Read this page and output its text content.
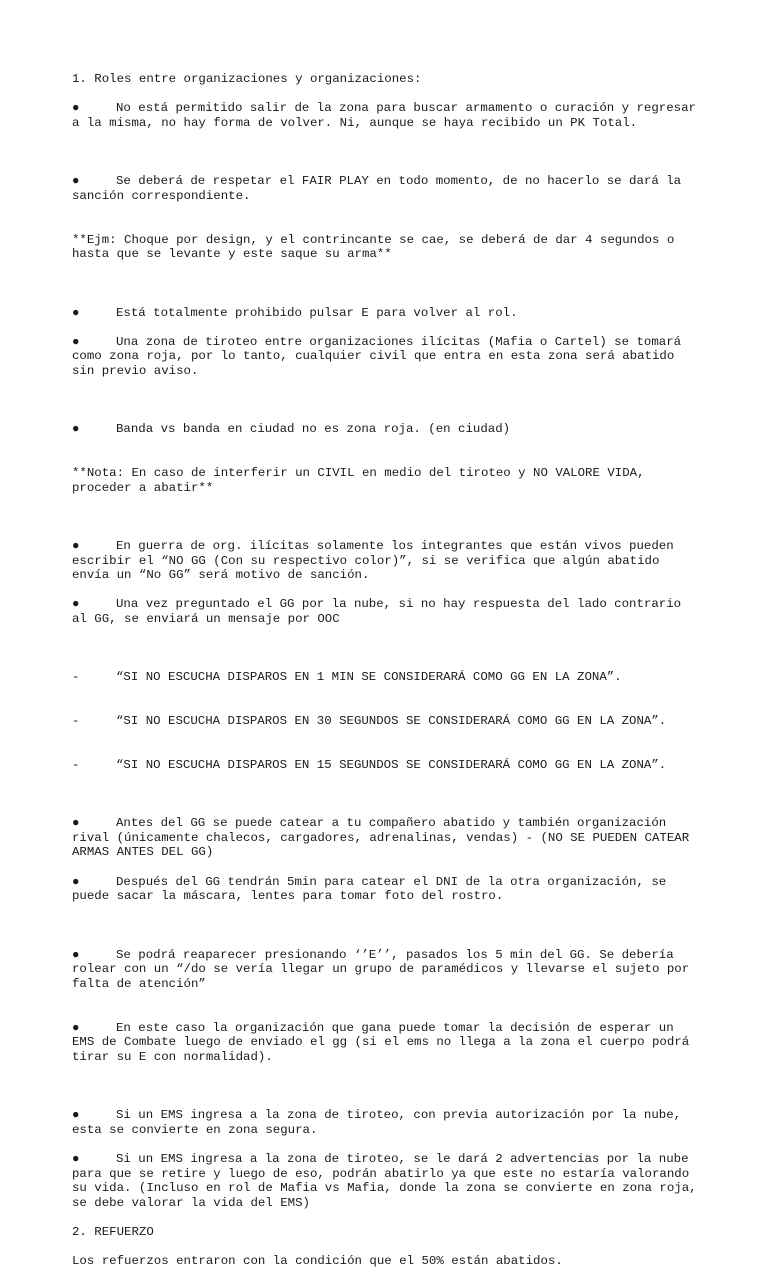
1. Roles entre organizaciones y organizaciones:

●	No está permitido salir de la zona para buscar armamento o curación y regresar a la misma, no hay forma de volver. Ni, aunque se haya recibido un PK Total.

●	Se deberá de respetar el FAIR PLAY en todo momento, de no hacerlo se dará la sanción correspondiente.

**Ejm: Choque por design, y el contrincante se cae, se deberá de dar 4 segundos o hasta que se levante y este saque su arma**

●	Está totalmente prohibido pulsar E para volver al rol.

●	Una zona de tiroteo entre organizaciones ilícitas (Mafia o Cartel) se tomará como zona roja, por lo tanto, cualquier civil que entra en esta zona será abatido sin previo aviso.

●	Banda vs banda en ciudad no es zona roja. (en ciudad)

**Nota: En caso de interferir un CIVIL en medio del tiroteo y NO VALORE VIDA, proceder a abatir**

●	En guerra de org. ilícitas solamente los integrantes que están vivos pueden escribir el “NO GG (Con su respectivo color)”, si se verifica que algún abatido envía un “No GG” será motivo de sanción.

●	Una vez preguntado el GG por la nube, si no hay respuesta del lado contrario al GG, se enviará un mensaje por OOC

-	“SI NO ESCUCHA DISPAROS EN 1 MIN SE CONSIDERARÁ COMO GG EN LA ZONA”.

-	“SI NO ESCUCHA DISPAROS EN 30 SEGUNDOS SE CONSIDERARÁ COMO GG EN LA ZONA”.

-	“SI NO ESCUCHA DISPAROS EN 15 SEGUNDOS SE CONSIDERARÁ COMO GG EN LA ZONA”.

●	Antes del GG se puede catear a tu compañero abatido y también organización rival (únicamente chalecos, cargadores, adrenalinas, vendas) - (NO SE PUEDEN CATEAR ARMAS ANTES DEL GG)

●	Después del GG tendrán 5min para catear el DNI de la otra organización, se puede sacar la máscara, lentes para tomar foto del rostro.

●	Se podrá reaparecer presionando ‘’E’’, pasados los 5 min del GG. Se debería rolear con un “/do se vería llegar un grupo de paramédicos y llevarse el sujeto por falta de atención”

●	En este caso la organización que gana puede tomar la decisión de esperar un EMS de Combate luego de enviado el gg (si el ems no llega a la zona el cuerpo podrá tirar su E con normalidad).

●	Si un EMS ingresa a la zona de tiroteo, con previa autorización por la nube, esta se convierte en zona segura.

●	Si un EMS ingresa a la zona de tiroteo, se le dará 2 advertencias por la nube para que se retire y luego de eso, podrán abatirlo ya que este no estaría valorando su vida. (Incluso en rol de Mafia vs Mafia, donde la zona se convierte en zona roja, se debe valorar la vida del EMS)

2. REFUERZO

Los refuerzos entraron con la condición que el 50% están abatidos.
